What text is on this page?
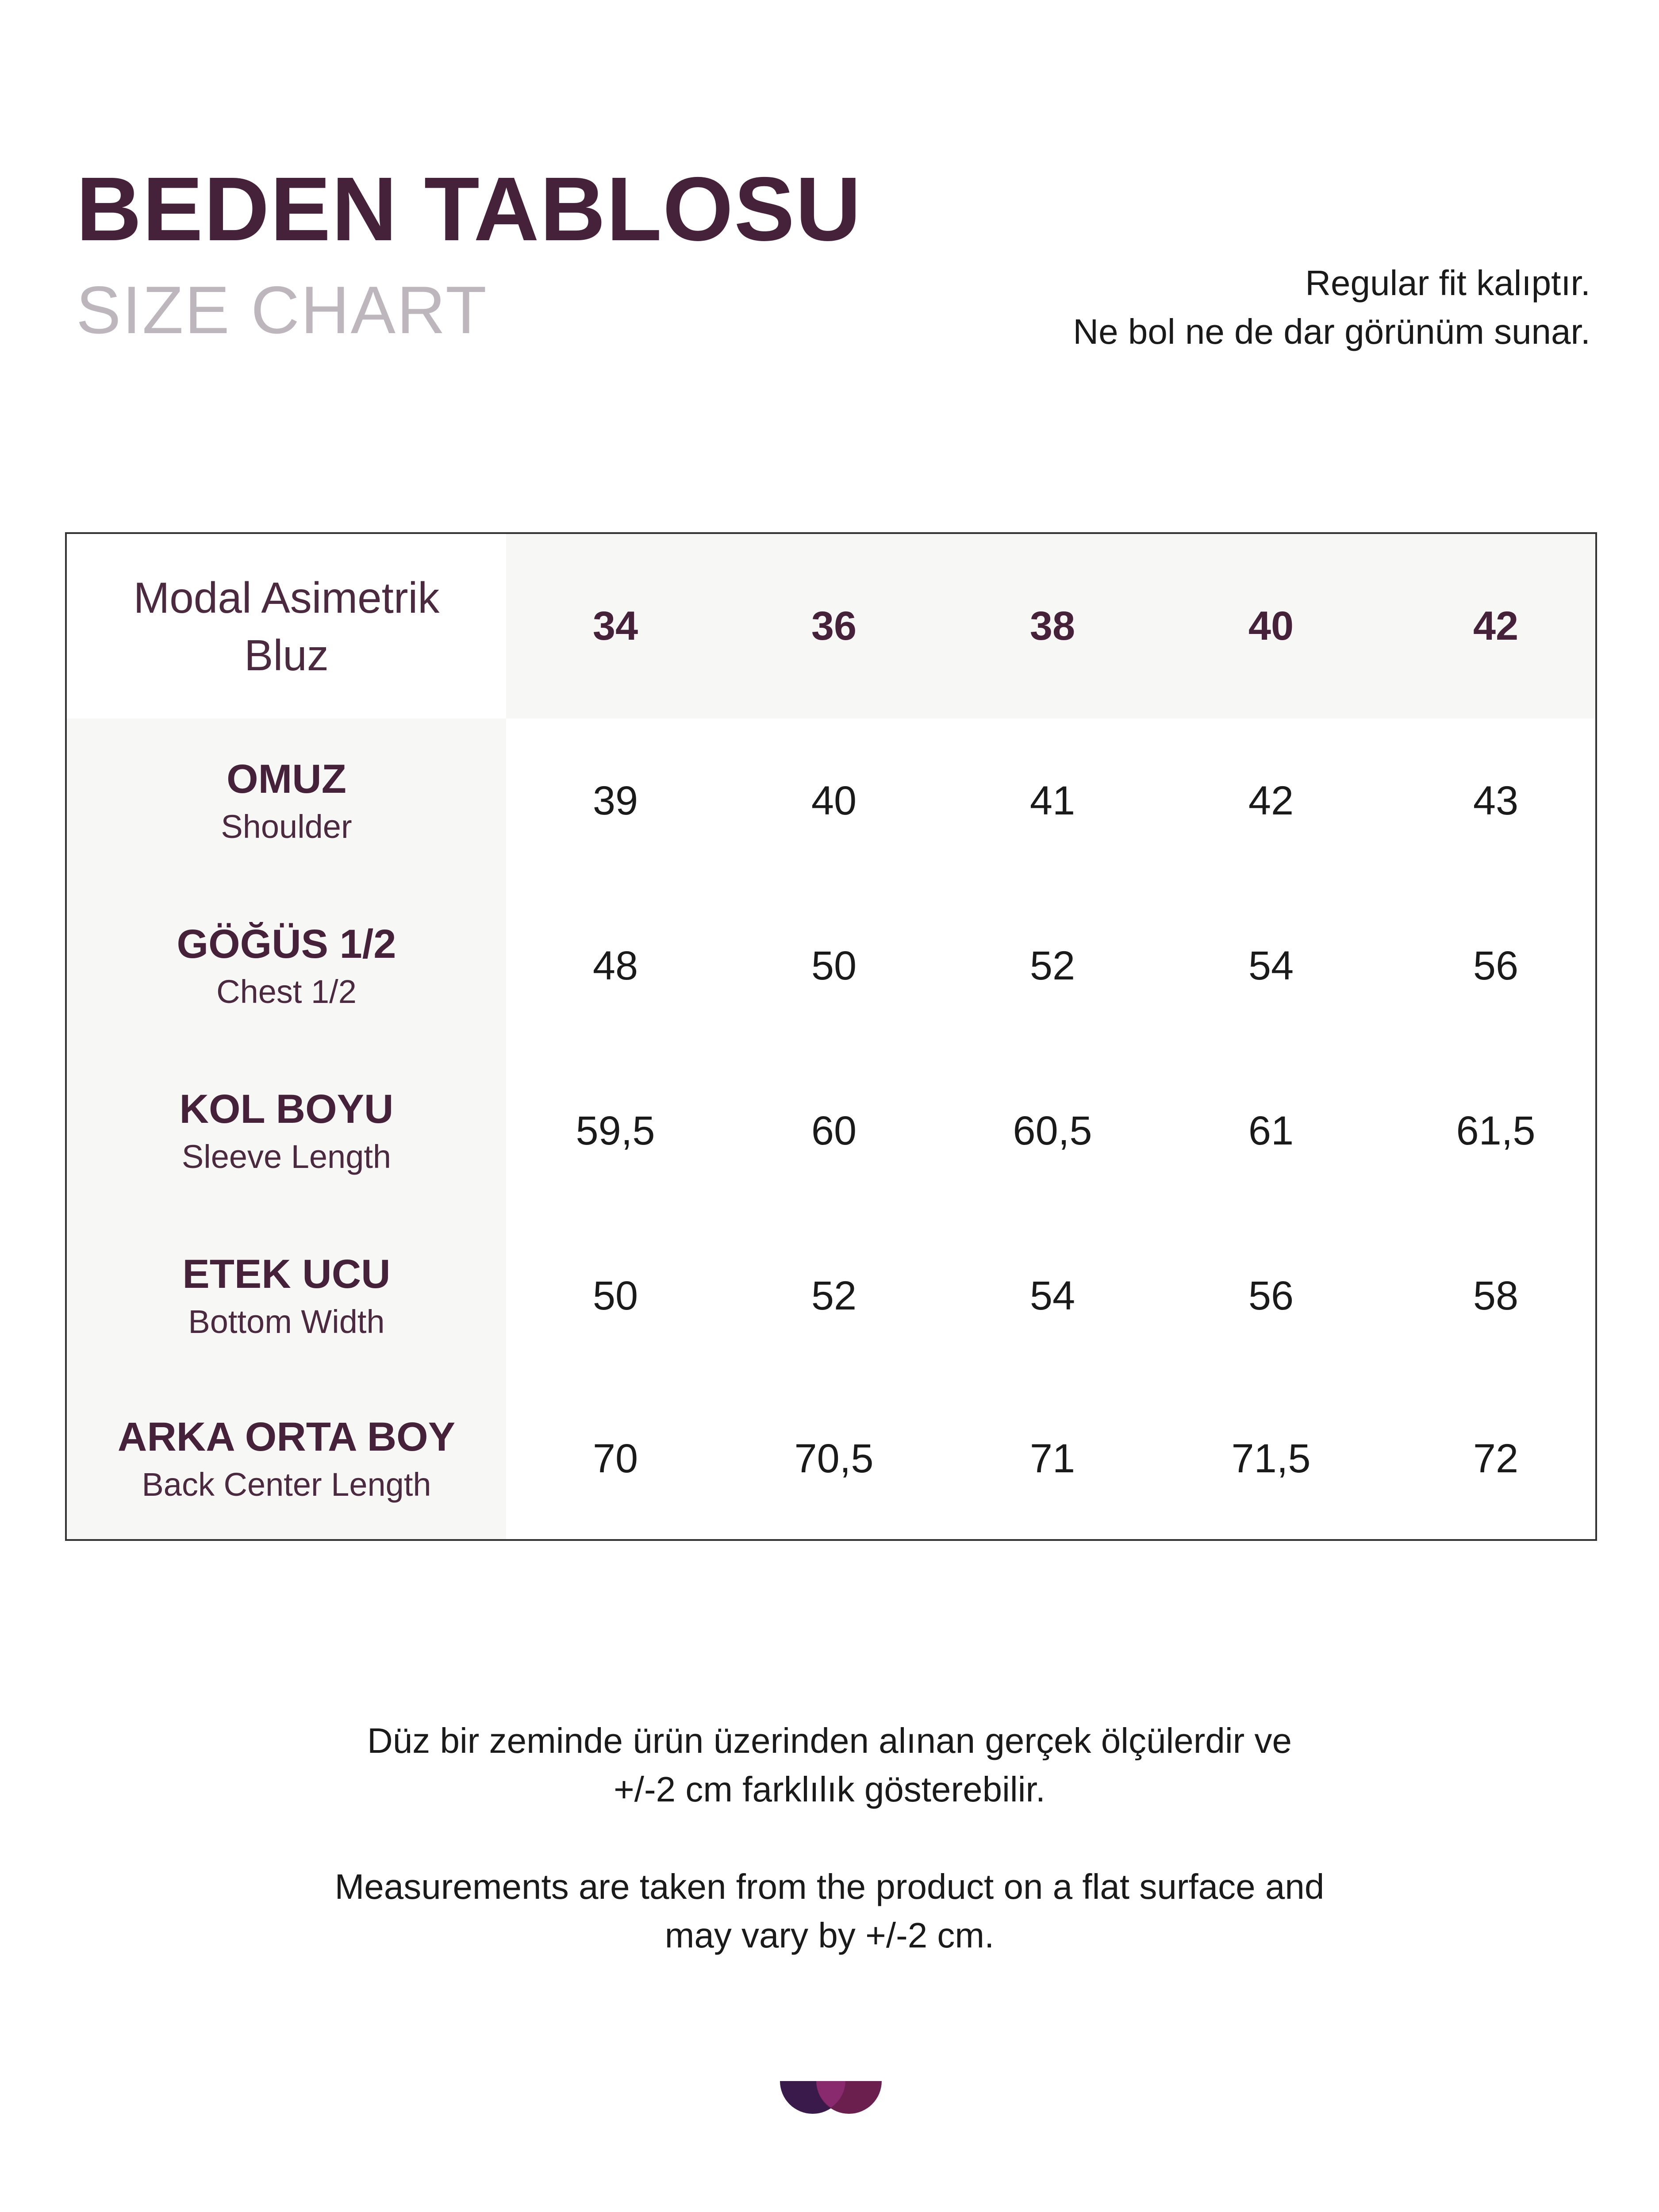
BEDEN TABLOSU
SIZE CHART	Regular fit kalıptır.
Ne bol ne de dar görünüm sunar.
Modal Asimetrik
Bluz
34	36	38	40	42
OMUZ
Shoulder
39	40	41	42	43
GÖĞÜS 1/2
Chest 1/2
48	50	52	54	56
KOL BOYU
Sleeve Length
59,5	60	60,5	61	61,5
ETEK UCU
Bottom Width
50	52	54	56	58
ARKA ORTA BOY
Back Center Length
70	70,5	71	71,5	72
Düz bir zeminde ürün üzerinden alınan gerçek ölçülerdir ve
+/-2 cm farklılık gösterebilir.
Measurements are taken from the product on a flat surface and
may vary by +/-2 cm.
